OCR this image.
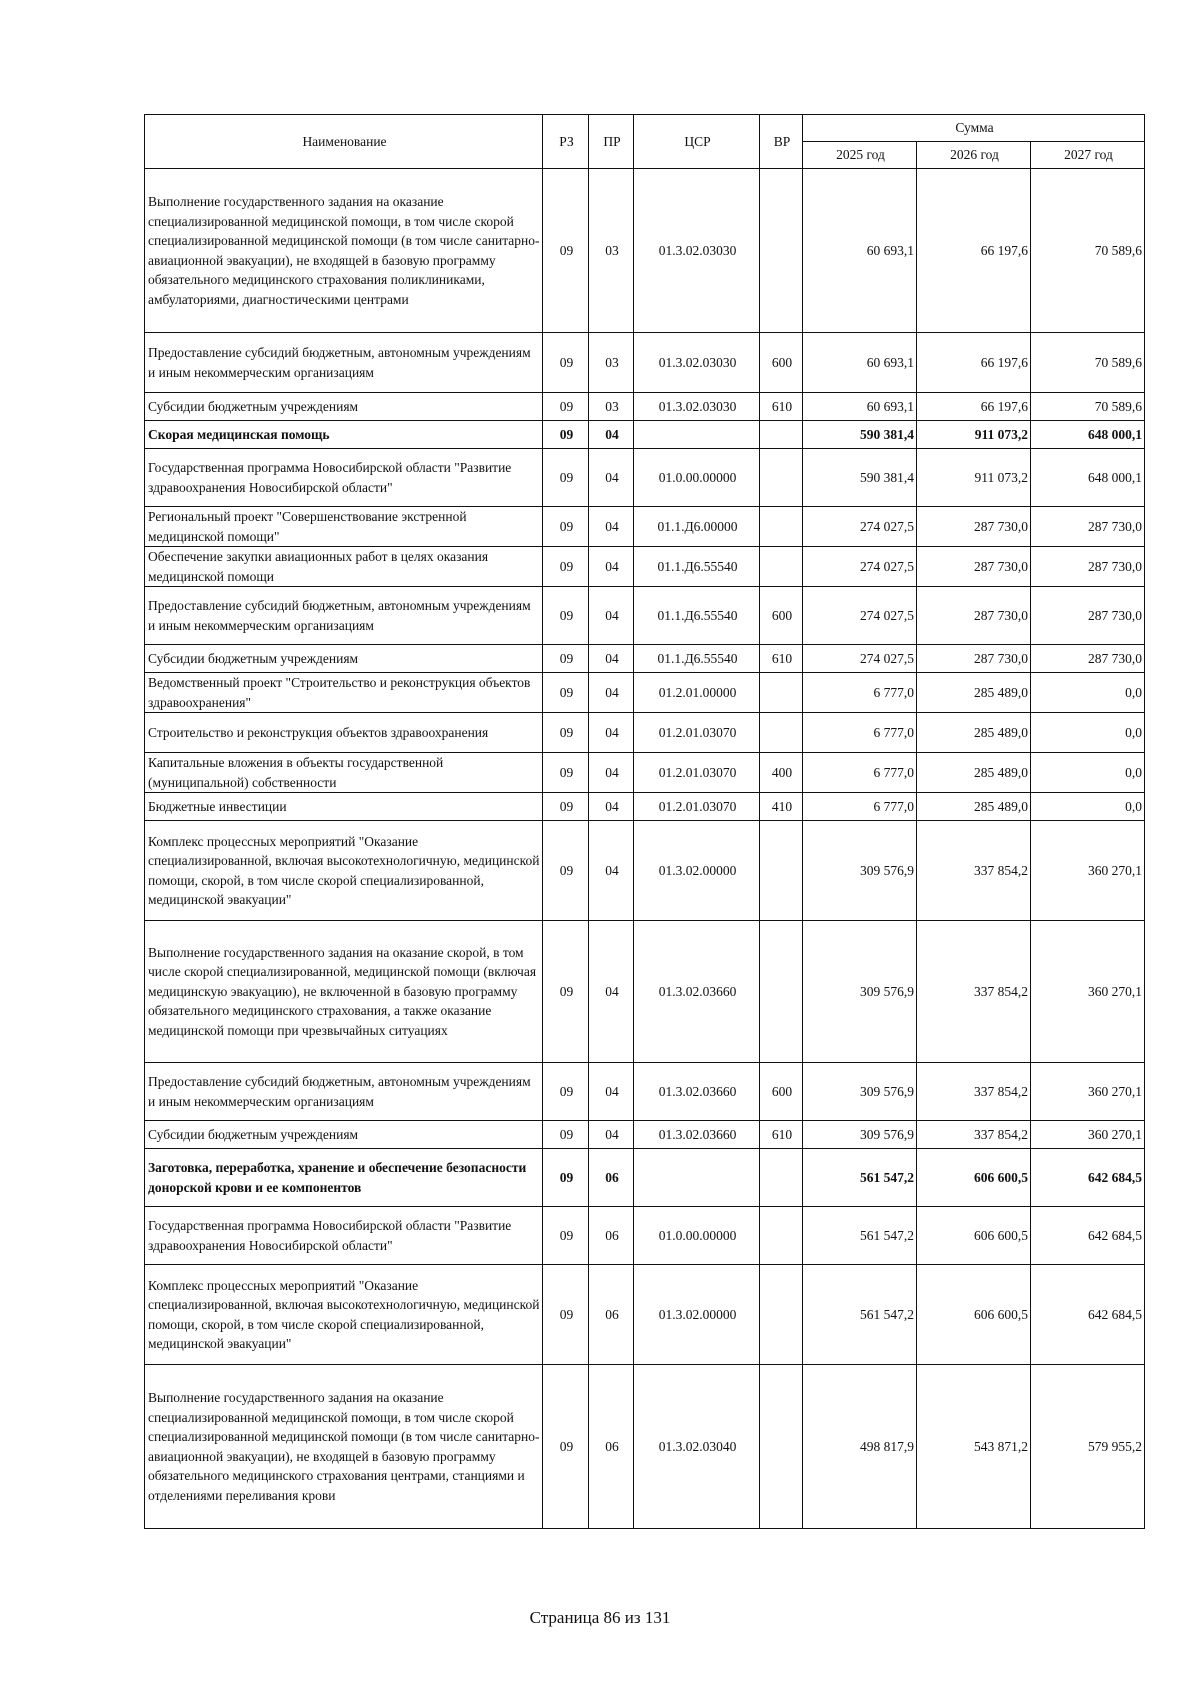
Наименование	РЗ	ПР	ЦСР	ВР	Сумма		
					2025 год	2026 год	2027 год
Выполнение государственного задания на оказание специализированной медицинской помощи, в том числе скорой специализированной медицинской помощи (в том числе санитарно-авиационной эвакуации), не входящей в базовую программу обязательного медицинского страхования поликлиниками, амбулаториями, диагностическими центрами	09	03	01.3.02.03030		60 693,1	66 197,6	70 589,6
Предоставление субсидий бюджетным, автономным учреждениям и иным некоммерческим организациям	09	03	01.3.02.03030	600	60 693,1	66 197,6	70 589,6
Субсидии бюджетным учреждениям	09	03	01.3.02.03030	610	60 693,1	66 197,6	70 589,6
Скорая медицинская помощь	09	04			590 381,4	911 073,2	648 000,1
Государственная программа Новосибирской области "Развитие здравоохранения Новосибирской области"	09	04	01.0.00.00000		590 381,4	911 073,2	648 000,1
Региональный проект "Совершенствование экстренной медицинской помощи"	09	04	01.1.Д6.00000		274 027,5	287 730,0	287 730,0
Обеспечение закупки авиационных работ в целях оказания медицинской помощи	09	04	01.1.Д6.55540		274 027,5	287 730,0	287 730,0
Предоставление субсидий бюджетным, автономным учреждениям и иным некоммерческим организациям	09	04	01.1.Д6.55540	600	274 027,5	287 730,0	287 730,0
Субсидии бюджетным учреждениям	09	04	01.1.Д6.55540	610	274 027,5	287 730,0	287 730,0
Ведомственный проект "Строительство и реконструкция объектов здравоохранения"	09	04	01.2.01.00000		6 777,0	285 489,0	0,0
Строительство и реконструкция объектов здравоохранения	09	04	01.2.01.03070		6 777,0	285 489,0	0,0
Капитальные вложения в объекты государственной (муниципальной) собственности	09	04	01.2.01.03070	400	6 777,0	285 489,0	0,0
Бюджетные инвестиции	09	04	01.2.01.03070	410	6 777,0	285 489,0	0,0
Комплекс процессных мероприятий "Оказание специализированной, включая высокотехнологичную, медицинской помощи, скорой, в том числе скорой специализированной, медицинской эвакуации"	09	04	01.3.02.00000		309 576,9	337 854,2	360 270,1
Выполнение государственного задания на оказание скорой, в том числе скорой специализированной, медицинской помощи (включая медицинскую эвакуацию), не включенной в базовую программу обязательного медицинского страхования, а также оказание медицинской помощи при чрезвычайных ситуациях	09	04	01.3.02.03660		309 576,9	337 854,2	360 270,1
Предоставление субсидий бюджетным, автономным учреждениям и иным некоммерческим организациям	09	04	01.3.02.03660	600	309 576,9	337 854,2	360 270,1
Субсидии бюджетным учреждениям	09	04	01.3.02.03660	610	309 576,9	337 854,2	360 270,1
Заготовка, переработка, хранение и обеспечение безопасности донорской крови и ее компонентов	09	06			561 547,2	606 600,5	642 684,5
Государственная программа Новосибирской области "Развитие здравоохранения Новосибирской области"	09	06	01.0.00.00000		561 547,2	606 600,5	642 684,5
Комплекс процессных мероприятий "Оказание специализированной, включая высокотехнологичную, медицинской помощи, скорой, в том числе скорой специализированной, медицинской эвакуации"	09	06	01.3.02.00000		561 547,2	606 600,5	642 684,5
Выполнение государственного задания на оказание специализированной медицинской помощи, в том числе скорой специализированной медицинской помощи (в том числе санитарно-авиационной эвакуации), не входящей в базовую программу обязательного медицинского страхования центрами, станциями и отделениями переливания крови	09	06	01.3.02.03040		498 817,9	543 871,2	579 955,2
Страница 86 из 131
